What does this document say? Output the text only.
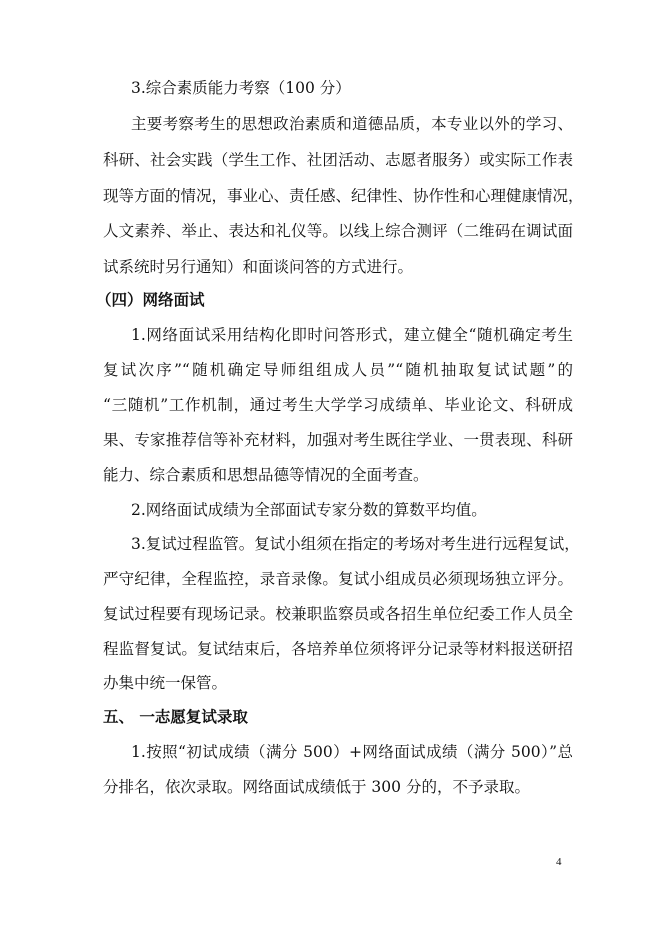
3.综合素质能力考察（100 分）
主要考察考生的思想政治素质和道德品质，本专业以外的学习、
科研、社会实践（学生工作、社团活动、志愿者服务）或实际工作表
现等方面的情况，事业心、责任感、纪律性、协作性和心理健康情况，
人文素养、举止、表达和礼仪等。以线上综合测评（二维码在调试面
试系统时另行通知）和面谈问答的方式进行。
（四）网络面试
1.网络面试采用结构化即时问答形式，建立健全“随机确定考生
复试次序”“随机确定导师组组成人员”“随机抽取复试试题”的
“三随机”工作机制，通过考生大学学习成绩单、毕业论文、科研成
果、专家推荐信等补充材料，加强对考生既往学业、一贯表现、科研
能力、综合素质和思想品德等情况的全面考查。
2.网络面试成绩为全部面试专家分数的算数平均值。
3.复试过程监管。复试小组须在指定的考场对考生进行远程复试，
严守纪律，全程监控，录音录像。复试小组成员必须现场独立评分。
复试过程要有现场记录。校兼职监察员或各招生单位纪委工作人员全
程监督复试。复试结束后，各培养单位须将评分记录等材料报送研招
办集中统一保管。
五、 一志愿复试录取
1.按照“初试成绩（满分 500）+网络面试成绩（满分 500）”总
分排名，依次录取。网络面试成绩低于 300 分的，不予录取。
4
